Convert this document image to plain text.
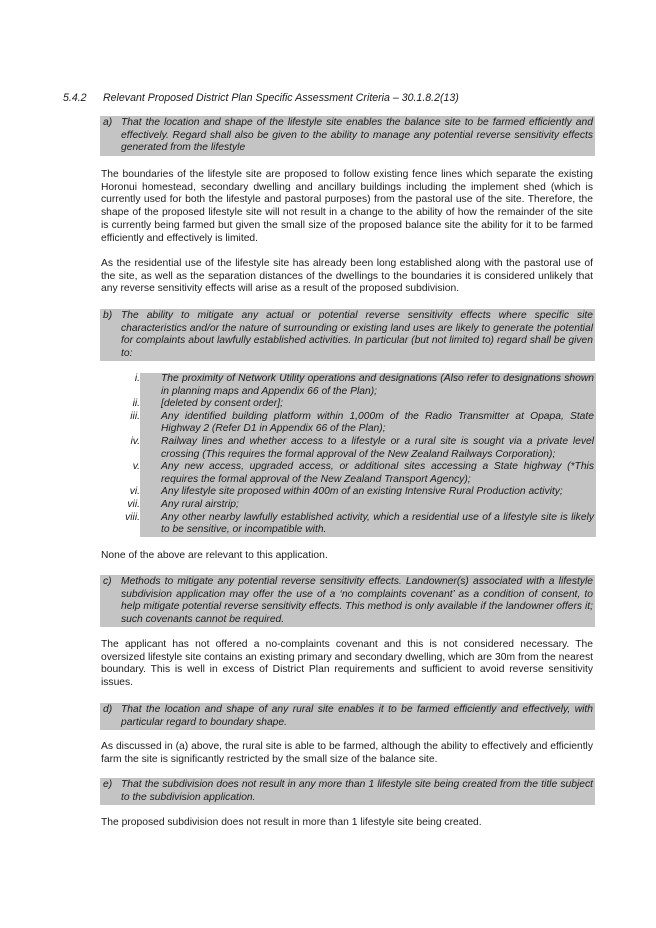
5.4.2 Relevant Proposed District Plan Specific Assessment Criteria – 30.1.8.2(13)
a) That the location and shape of the lifestyle site enables the balance site to be farmed efficiently and effectively. Regard shall also be given to the ability to manage any potential reverse sensitivity effects generated from the lifestyle
The boundaries of the lifestyle site are proposed to follow existing fence lines which separate the existing Horonui homestead, secondary dwelling and ancillary buildings including the implement shed (which is currently used for both the lifestyle and pastoral purposes) from the pastoral use of the site. Therefore, the shape of the proposed lifestyle site will not result in a change to the ability of how the remainder of the site is currently being farmed but given the small size of the proposed balance site the ability for it to be farmed efficiently and effectively is limited.
As the residential use of the lifestyle site has already been long established along with the pastoral use of the site, as well as the separation distances of the dwellings to the boundaries it is considered unlikely that any reverse sensitivity effects will arise as a result of the proposed subdivision.
b) The ability to mitigate any actual or potential reverse sensitivity effects where specific site characteristics and/or the nature of surrounding or existing land uses are likely to generate the potential for complaints about lawfully established activities. In particular (but not limited to) regard shall be given to:
i.	The proximity of Network Utility operations and designations (Also refer to designations shown in planning maps and Appendix 66 of the Plan);
ii.	[deleted by consent order];
iii.	Any identified building platform within 1,000m of the Radio Transmitter at Opapa, State Highway 2 (Refer D1 in Appendix 66 of the Plan);
iv.	Railway lines and whether access to a lifestyle or a rural site is sought via a private level crossing (This requires the formal approval of the New Zealand Railways Corporation);
v.	Any new access, upgraded access, or additional sites accessing a State highway (*This requires the formal approval of the New Zealand Transport Agency);
vi.	Any lifestyle site proposed within 400m of an existing Intensive Rural Production activity;
vii.	Any rural airstrip;
viii.	Any other nearby lawfully established activity, which a residential use of a lifestyle site is likely to be sensitive, or incompatible with.
None of the above are relevant to this application.
c) Methods to mitigate any potential reverse sensitivity effects. Landowner(s) associated with a lifestyle subdivision application may offer the use of a ‘no complaints covenant’ as a condition of consent, to help mitigate potential reverse sensitivity effects. This method is only available if the landowner offers it; such covenants cannot be required.
The applicant has not offered a no-complaints covenant and this is not considered necessary. The oversized lifestyle site contains an existing primary and secondary dwelling, which are 30m from the nearest boundary. This is well in excess of District Plan requirements and sufficient to avoid reverse sensitivity issues.
d) That the location and shape of any rural site enables it to be farmed efficiently and effectively, with particular regard to boundary shape.
As discussed in (a) above, the rural site is able to be farmed, although the ability to effectively and efficiently farm the site is significantly restricted by the small size of the balance site.
e) That the subdivision does not result in any more than 1 lifestyle site being created from the title subject to the subdivision application.
The proposed subdivision does not result in more than 1 lifestyle site being created.
